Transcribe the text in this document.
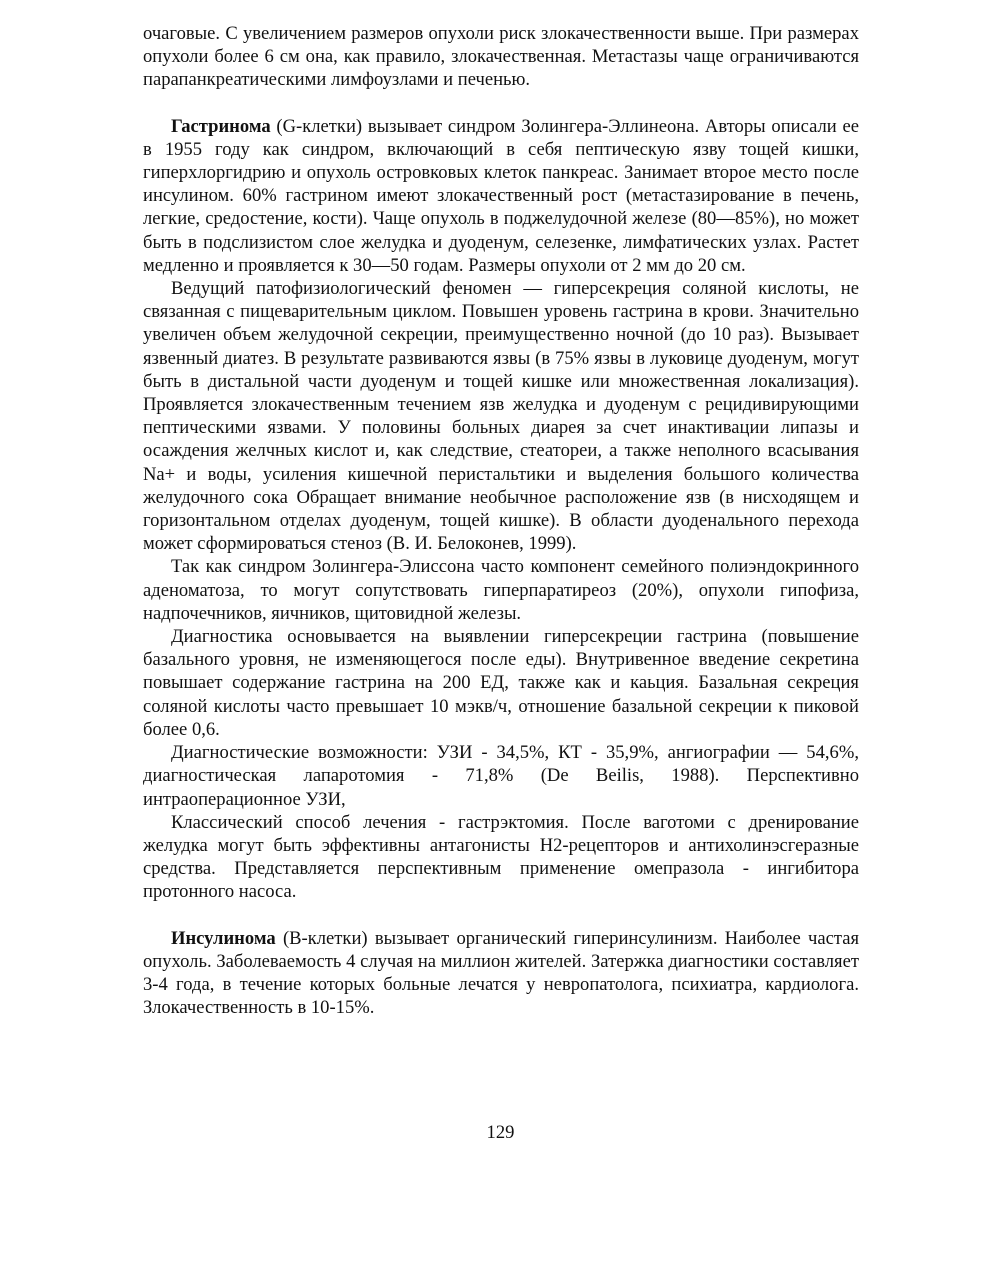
очаговые. С увеличением размеров опухоли риск злокачественности выше. При размерах опухоли более 6 см она, как правило, злокачественная. Метастазы чаще ограничиваются парапанкреатическими лимфоузлами и печенью.

Гастринома (G-клетки) вызывает синдром Золингера-Эллинеона. Авторы описали ее в 1955 году как синдром, включающий в себя пептическую язву тощей кишки, гиперхлоргидрию и опухоль островковых клеток панкреас. Занимает второе место после инсулином. 60% гастрином имеют злокачественный рост (метастазирование в печень, легкие, средостение, кости). Чаще опухоль в поджелудочной железе (80—85%), но может быть в подслизистом слое желудка и дуоденум, селезенке, лимфатических узлах. Растет медленно и проявляется к 30—50 годам. Размеры опухоли от 2 мм до 20 см.

Ведущий патофизиологический феномен — гиперсекреция соляной кислоты, не связанная с пищеварительным циклом. Повышен уровень гастрина в крови. Значительно увеличен объем желудочной секреции, преимущественно ночной (до 10 раз). Вызывает язвенный диатез. В результате развиваются язвы (в 75% язвы в луковице дуоденум, могут быть в дистальной части дуоденум и тощей кишке или множественная локализация). Проявляется злокачественным течением язв желудка и дуоденум с рецидивирующими пептическими язвами. У половины больных диарея за счет инактивации липазы и осаждения желчных кислот и, как следствие, стеатореи, а также неполного всасывания Na+ и воды, усиления кишечной перистальтики и выделения большого количества желудочного сока Обращает внимание необычное расположение язв (в нисходящем и горизонтальном отделах дуоденум, тощей кишке). В области дуоденального перехода может сформироваться стеноз (В. И. Белоконев, 1999).

Так как синдром Золингера-Элиссона часто компонент семейного полиэндокринного аденоматоза, то могут сопутствовать гиперпаратиреоз (20%), опухоли гипофиза, надпочечников, яичников, щитовидной железы.

Диагностика основывается на выявлении гиперсекреции гастрина (повышение базального уровня, не изменяющегося после еды). Внутривенное введение секретина повышает содержание гастрина на 200 ЕД, также как и каьция. Базальная секреция соляной кислоты часто превышает 10 мэкв/ч, отношение базальной секреции к пиковой более 0,6.

Диагностические возможности: УЗИ - 34,5%, КТ - 35,9%, ангиографии — 54,6%, диагностическая лапаротомия - 71,8% (De Beilis, 1988). Перспективно интраоперационное УЗИ,

Классический способ лечения - гастрэктомия. После ваготоми с дренирование желудка могут быть эффективны антагонисты Н2-рецепторов и антихолинэсгеразные средства. Представляется перспективным применение омепразола - ингибитора протонного насоса.

Инсулинома (В-клетки) вызывает органический гиперинсулинизм. Наиболее частая опухоль. Заболеваемость 4 случая на миллион жителей. Затержка диагностики составляет 3-4 года, в течение которых больные лечатся у невропатолога, психиатра, кардиолога. Злокачественность в 10-15%.

129
